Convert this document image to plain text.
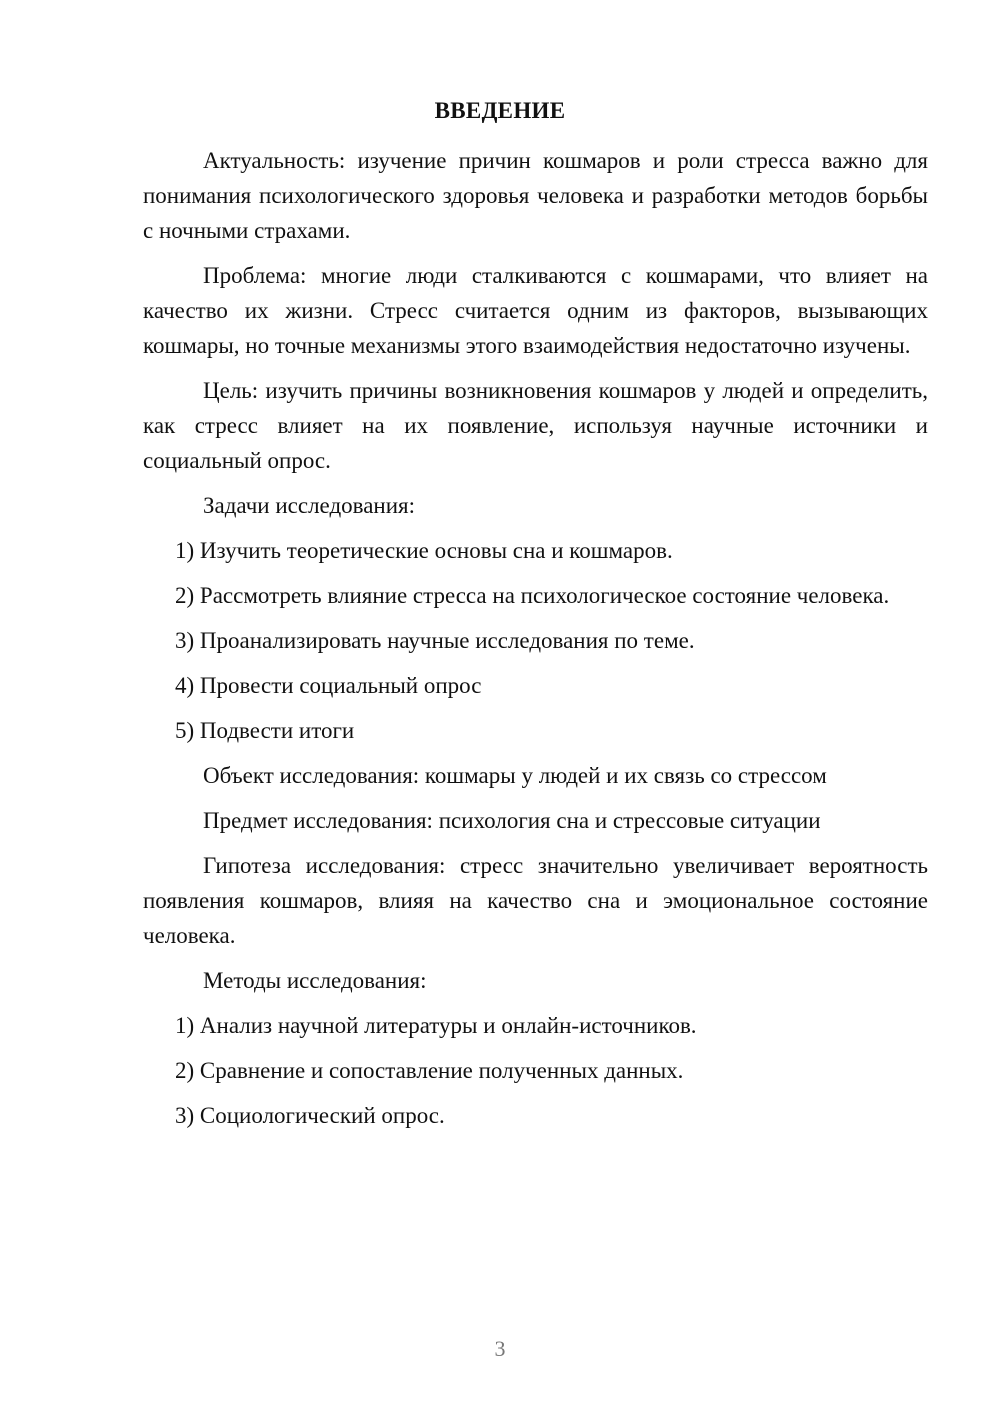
ВВЕДЕНИЕ

Актуальность: изучение причин кошмаров и роли стресса важно для понимания психологического здоровья человека и разработки методов борьбы с ночными страхами.

Проблема: многие люди сталкиваются с кошмарами, что влияет на качество их жизни. Стресс считается одним из факторов, вызывающих кошмары, но точные механизмы этого взаимодействия недостаточно изучены.

Цель: изучить причины возникновения кошмаров у людей и определить, как стресс влияет на их появление, используя научные источники и социальный опрос.

Задачи исследования:

1) Изучить теоретические основы сна и кошмаров.

2) Рассмотреть влияние стресса на психологическое состояние человека.

3) Проанализировать научные исследования по теме.

4) Провести социальный опрос

5) Подвести итоги

Объект исследования: кошмары у людей и их связь со стрессом

Предмет исследования: психология сна и стрессовые ситуации

Гипотеза исследования: стресс значительно увеличивает вероятность появления кошмаров, влияя на качество сна и эмоциональное состояние человека.

Методы исследования:

1) Анализ научной литературы и онлайн-источников.

2) Сравнение и сопоставление полученных данных.

3) Социологический опрос.

3
